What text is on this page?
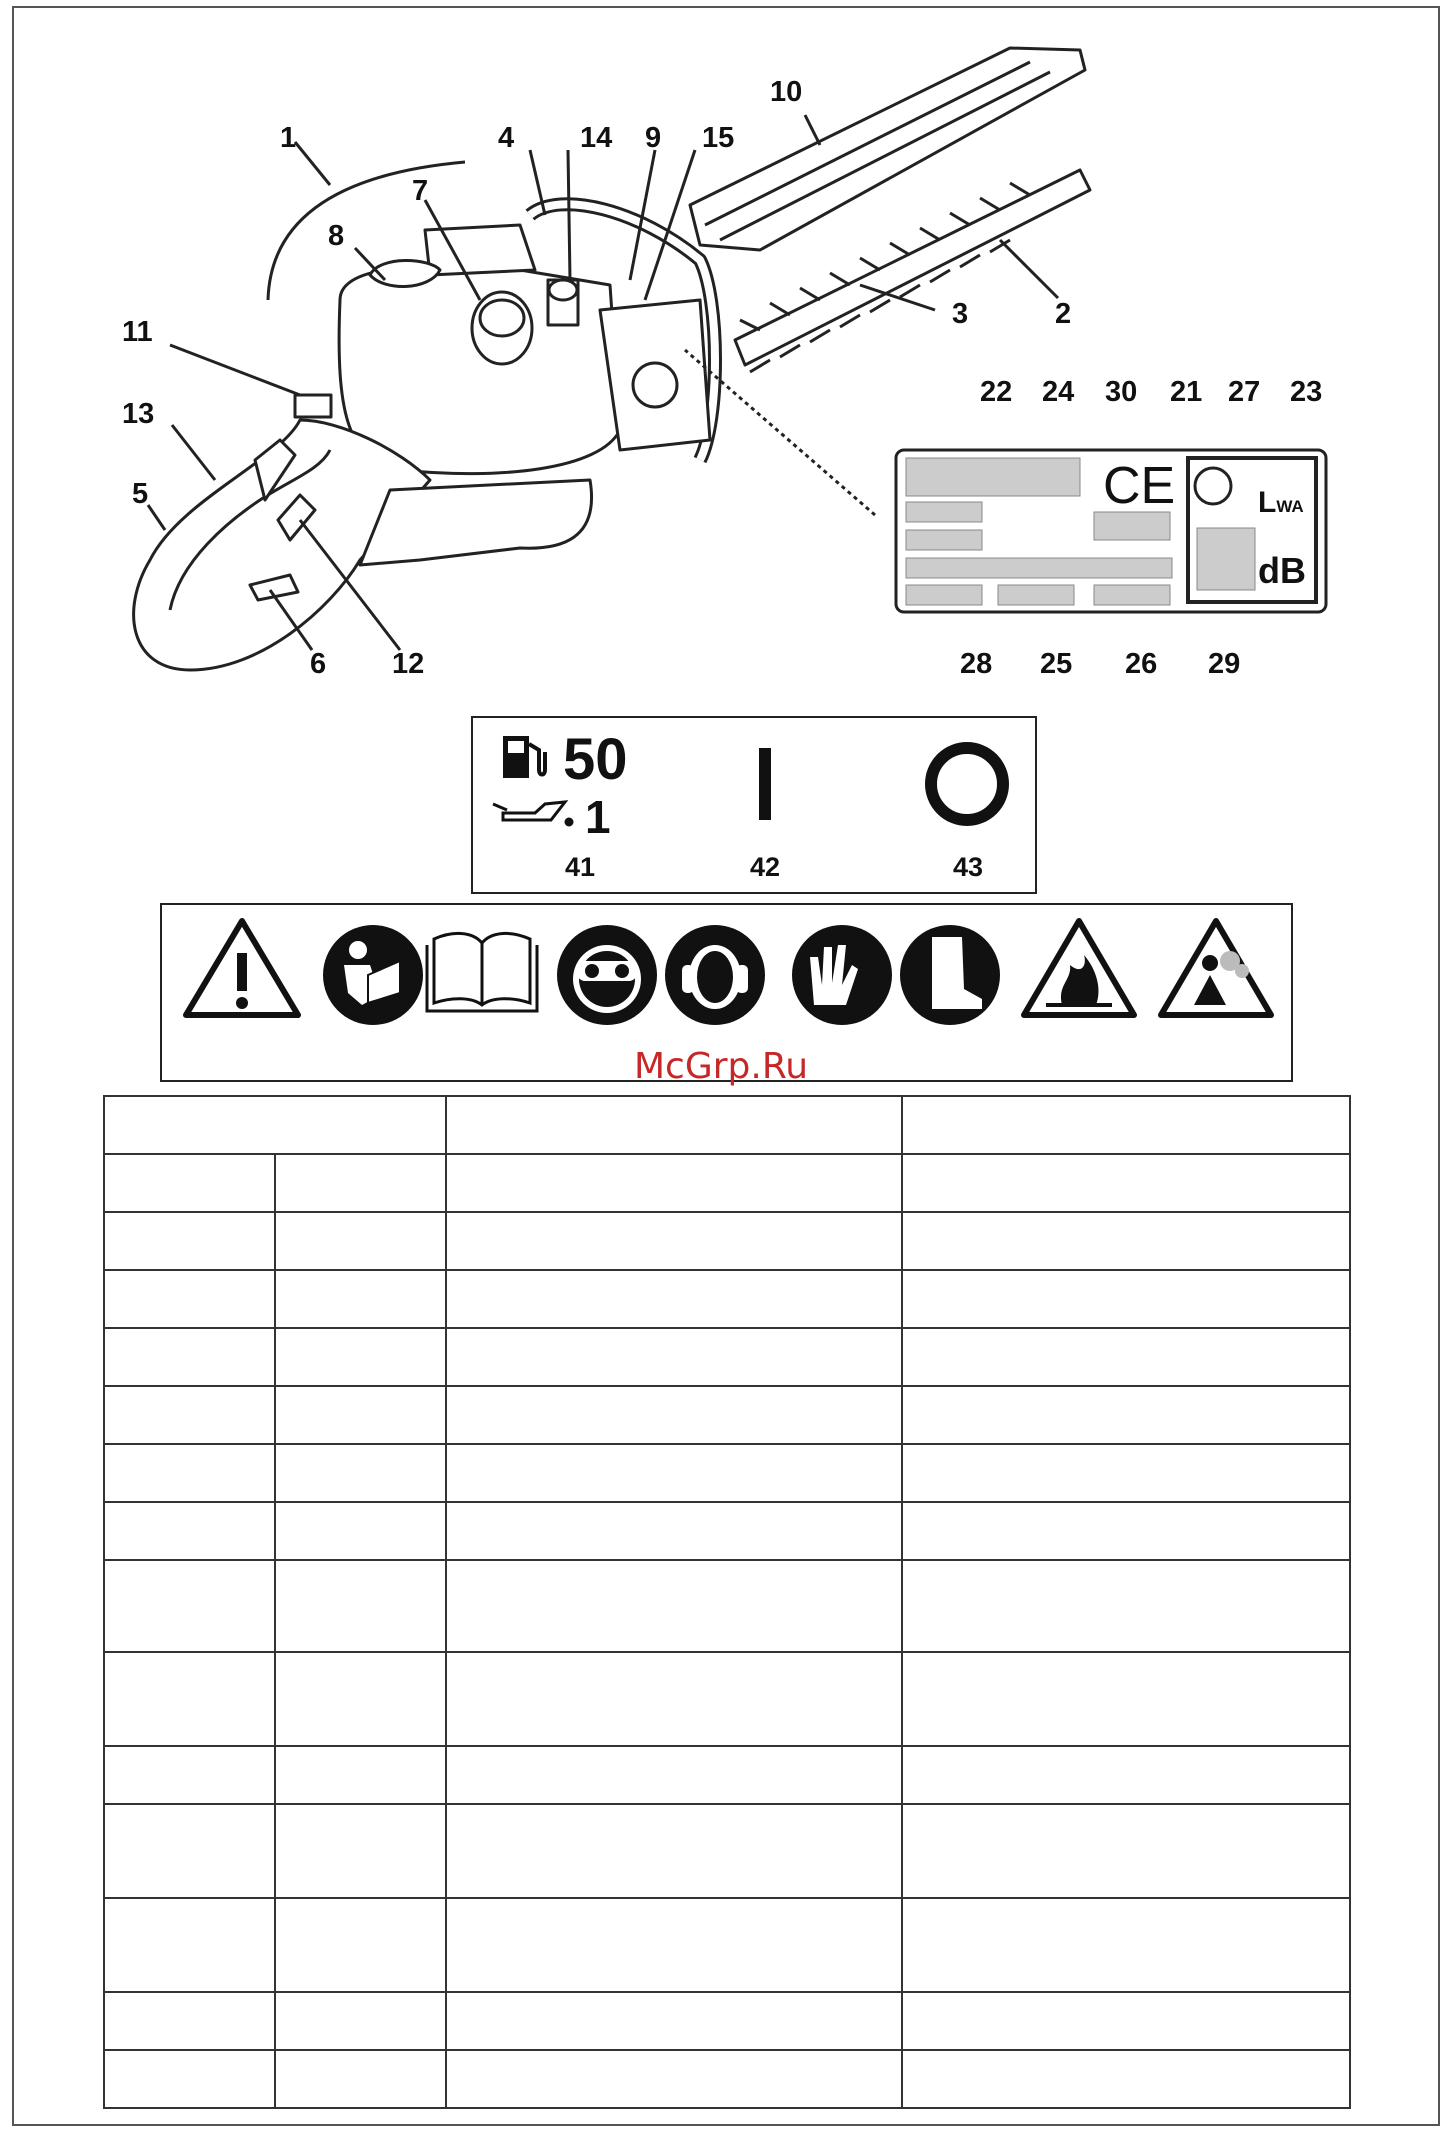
1	4 14 9 15
10
7
8
11
13
5
6 12
3	2
22 24 30 21 27 23
28 25 26 29
CE	LWA
dB
50
1
41	42	43
McGrp.Ru
